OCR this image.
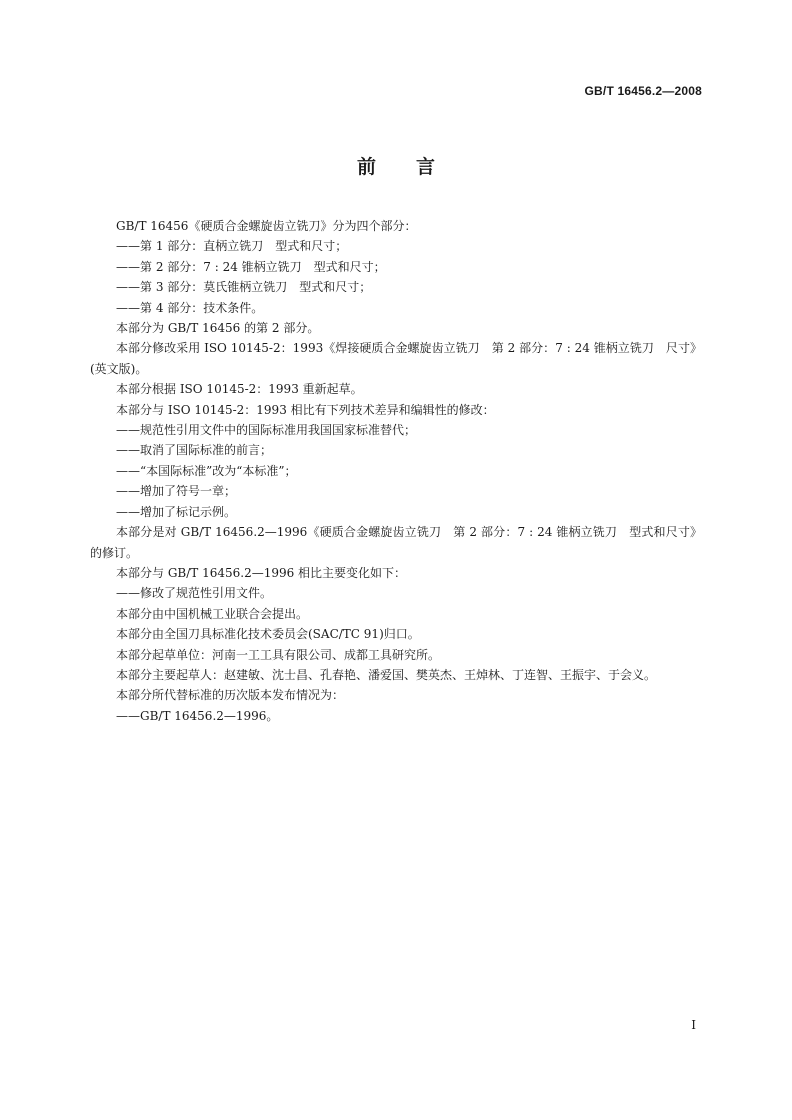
GB/T 16456.2—2008
前言

GB/T 16456《硬质合金螺旋齿立铣刀》分为四个部分：

——第 1 部分：直柄立铣刀　型式和尺寸；

——第 2 部分：7 : 24 锥柄立铣刀　型式和尺寸；

——第 3 部分：莫氏锥柄立铣刀　型式和尺寸；

——第 4 部分：技术条件。

本部分为 GB/T 16456 的第 2 部分。

本部分修改采用 ISO 10145-2：1993《焊接硬质合金螺旋齿立铣刀　第 2 部分：7 : 24 锥柄立铣刀　尺寸》(英文版)。

本部分根据 ISO 10145-2：1993 重新起草。

本部分与 ISO 10145-2：1993 相比有下列技术差异和编辑性的修改：

——规范性引用文件中的国际标准用我国国家标准替代；

——取消了国际标准的前言；

——“本国际标准”改为“本标准”；

——增加了符号一章；

——增加了标记示例。

本部分是对 GB/T 16456.2—1996《硬质合金螺旋齿立铣刀　第 2 部分：7 : 24 锥柄立铣刀　型式和尺寸》的修订。

本部分与 GB/T 16456.2—1996 相比主要变化如下：

——修改了规范性引用文件。

本部分由中国机械工业联合会提出。

本部分由全国刀具标准化技术委员会(SAC/TC 91)归口。

本部分起草单位：河南一工工具有限公司、成都工具研究所。

本部分主要起草人：赵建敏、沈士昌、孔春艳、潘爱国、樊英杰、王焯林、丁连智、王振宇、于会义。

本部分所代替标准的历次版本发布情况为：

——GB/T 16456.2—1996。

I
